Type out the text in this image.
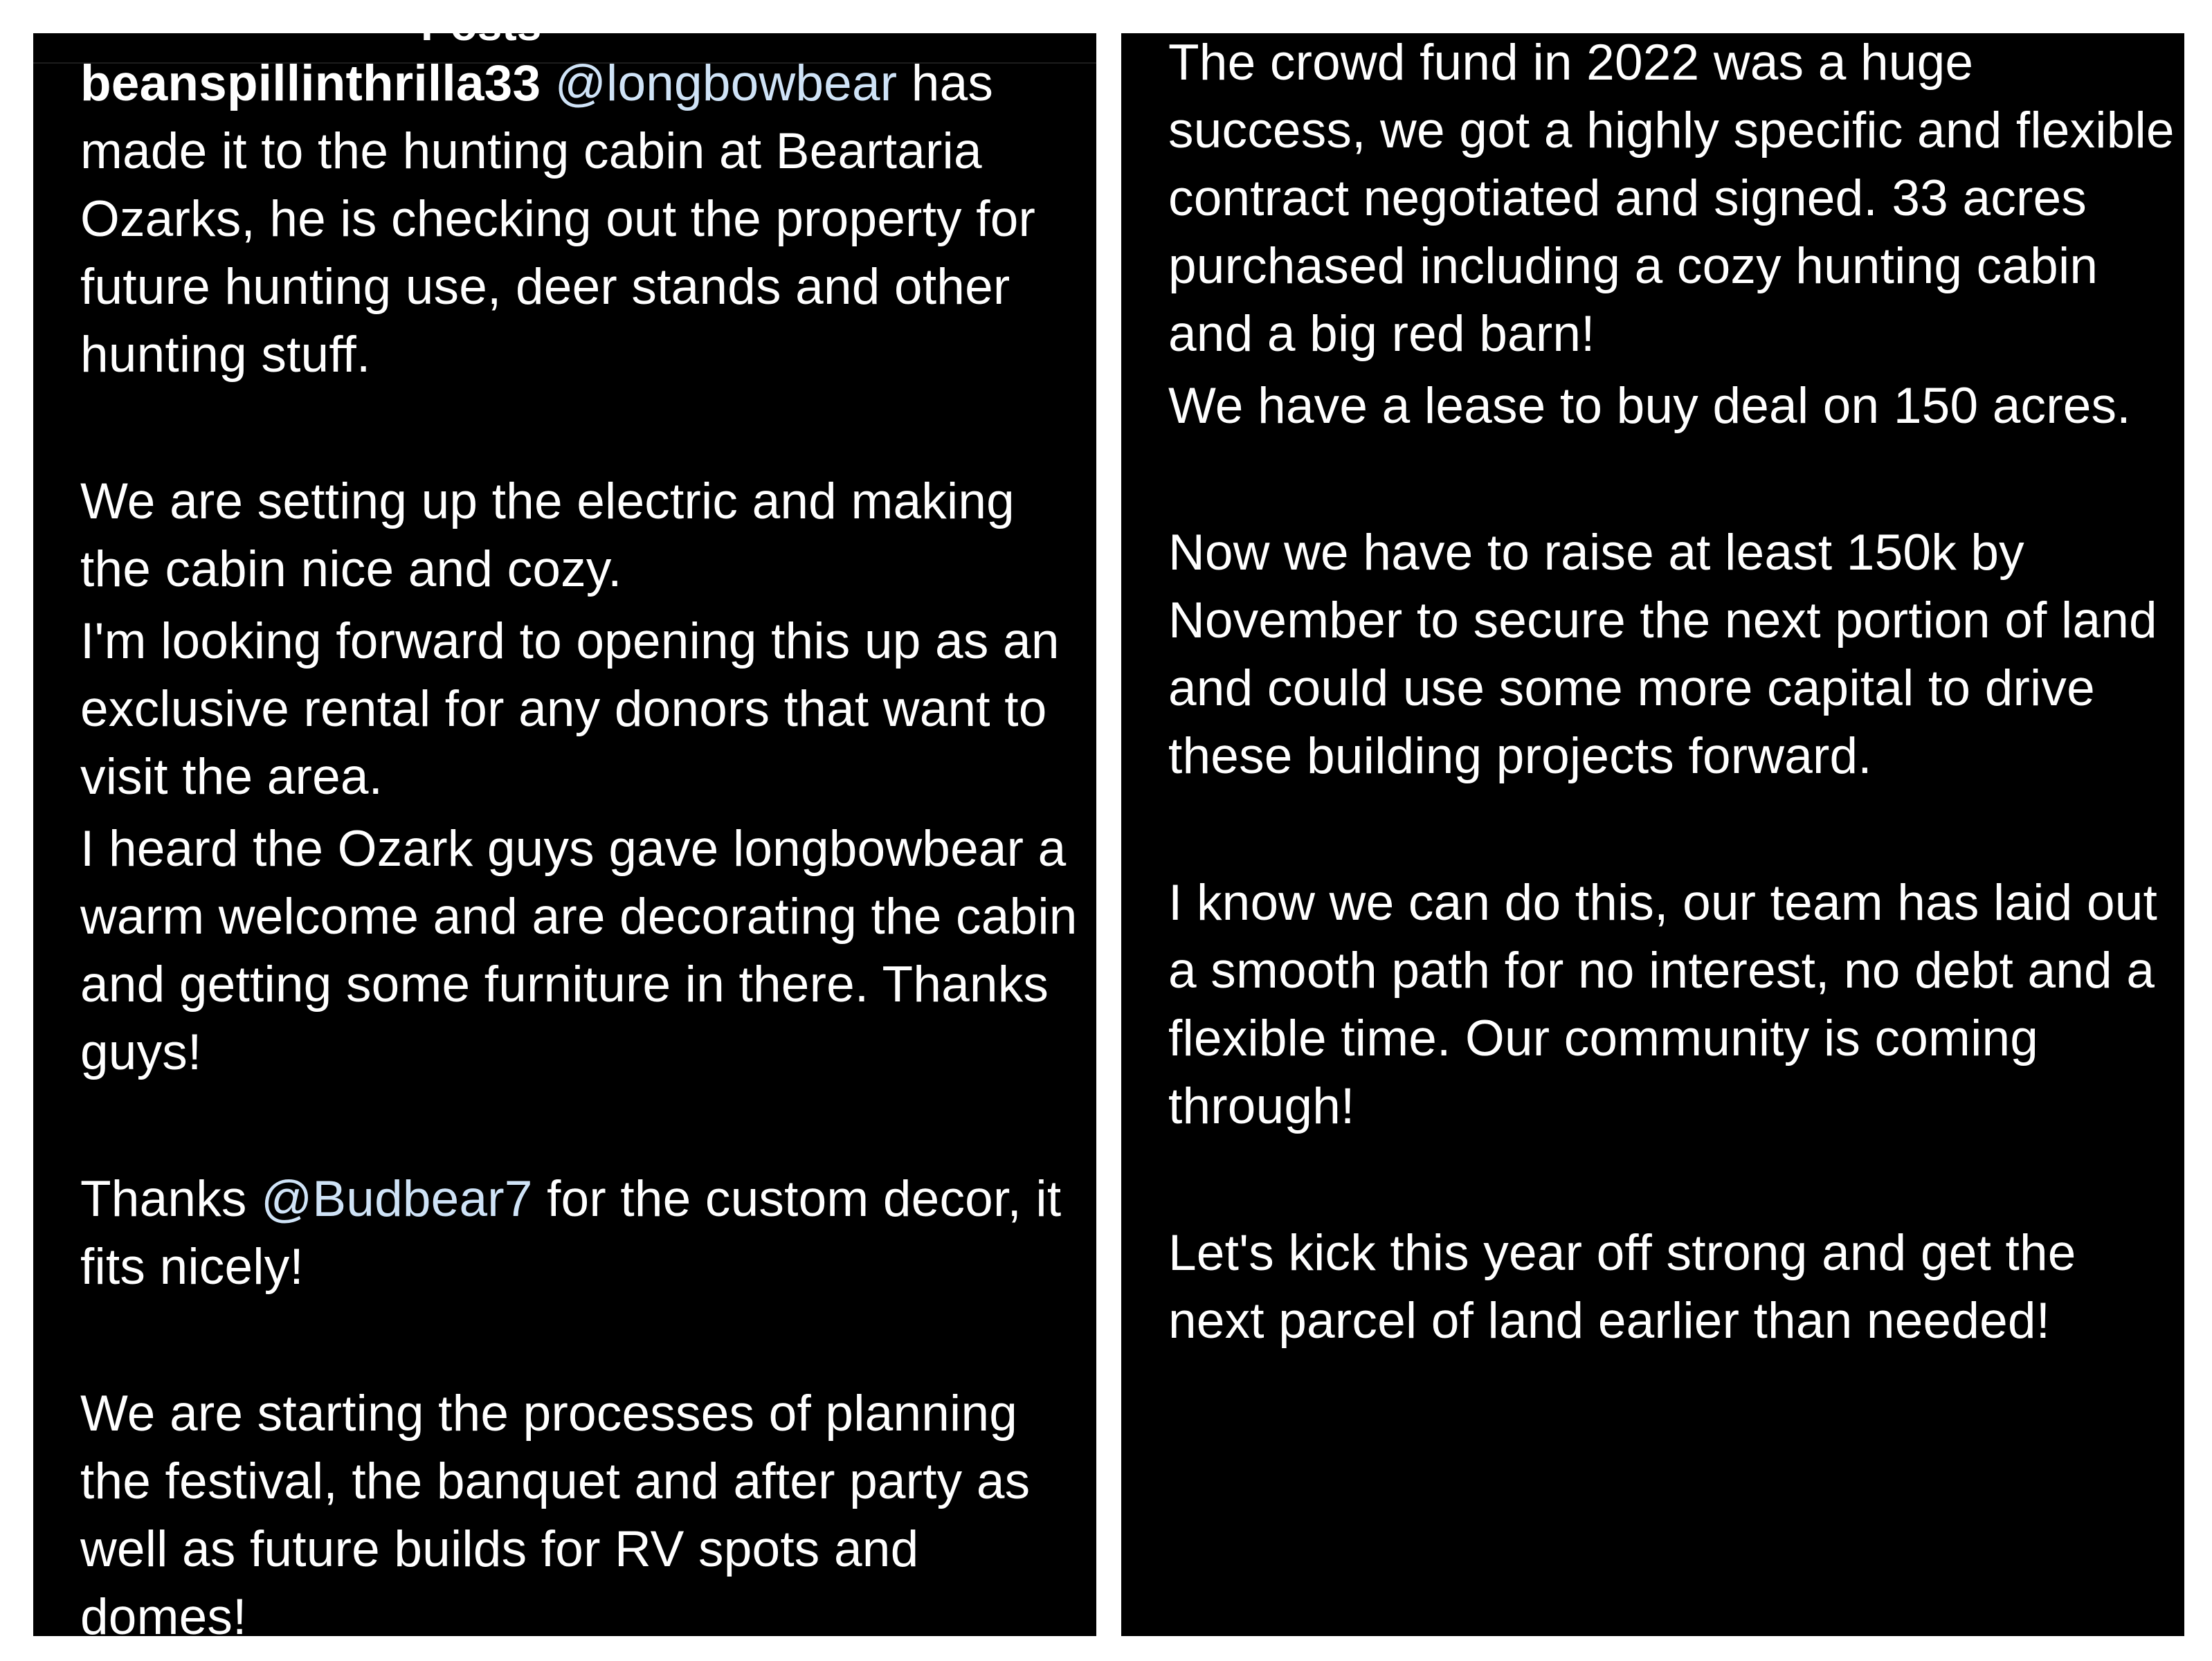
Posts

beanspillinthrilla33 @longbowbear has made it to the hunting cabin at Beartaria Ozarks, he is checking out the property for future hunting use, deer stands and other hunting stuff.

We are setting up the electric and making the cabin nice and cozy.

I'm looking forward to opening this up as an exclusive rental for any donors that want to visit the area.

I heard the Ozark guys gave longbowbear a warm welcome and are decorating the cabin and getting some furniture in there. Thanks guys!

Thanks @Budbear7 for the custom decor, it fits nicely!

We are starting the processes of planning the festival, the banquet and after party as well as future builds for RV spots and domes!

The crowd fund in 2022 was a huge success, we got a highly specific and flexible contract negotiated and signed. 33 acres purchased including a cozy hunting cabin and a big red barn!

We have a lease to buy deal on 150 acres.

Now we have to raise at least 150k by November to secure the next portion of land and could use some more capital to drive these building projects forward.

I know we can do this, our team has laid out a smooth path for no interest, no debt and a flexible time. Our community is coming through!

Let's kick this year off strong and get the next parcel of land earlier than needed!
